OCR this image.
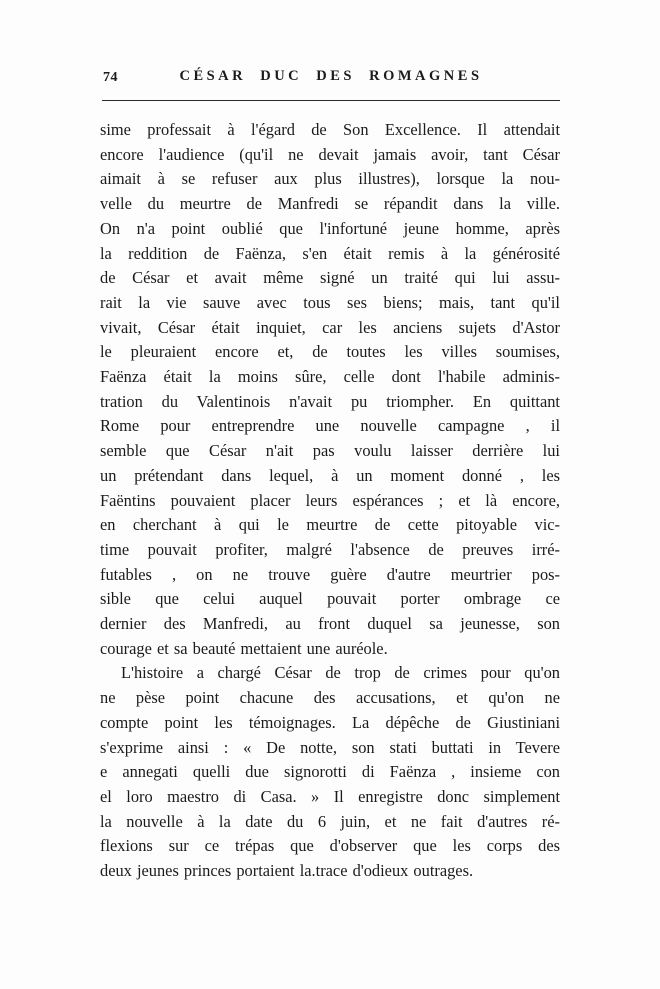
74	CÉSAR DUC DES ROMAGNES
sime professait à l'égard de Son Excellence. Il attendait
encore l'audience (qu'il ne devait jamais avoir, tant César
aimait à se refuser aux plus illustres), lorsque la nou-
velle du meurtre de Manfredi se répandit dans la ville.
On n'a point oublié que l'infortuné jeune homme, après
la reddition de Faënza, s'en était remis à la générosité
de César et avait même signé un traité qui lui assu-
rait la vie sauve avec tous ses biens; mais, tant qu'il
vivait, César était inquiet, car les anciens sujets d'Astor
le pleuraient encore et, de toutes les villes soumises,
Faënza était la moins sûre, celle dont l'habile adminis-
tration du Valentinois n'avait pu triompher. En quittant
Rome pour entreprendre une nouvelle campagne , il
semble que César n'ait pas voulu laisser derrière lui
un prétendant dans lequel, à un moment donné , les
Faëntins pouvaient placer leurs espérances ; et là encore,
en cherchant à qui le meurtre de cette pitoyable vic-
time pouvait profiter, malgré l'absence de preuves irré-
futables , on ne trouve guère d'autre meurtrier pos-
sible que celui auquel pouvait porter ombrage ce
dernier des Manfredi, au front duquel sa jeunesse, son
courage et sa beauté mettaient une auréole.
L'histoire a chargé César de trop de crimes pour qu'on
ne pèse point chacune des accusations, et qu'on ne
compte point les témoignages. La dépêche de Giustiniani
s'exprime ainsi : « De notte, son stati buttati in Tevere
e annegati quelli due signorotti di Faënza , insieme con
el loro maestro di Casa. » Il enregistre donc simplement
la nouvelle à la date du 6 juin, et ne fait d'autres ré-
flexions sur ce trépas que d'observer que les corps des
deux jeunes princes portaient la.trace d'odieux outrages.
